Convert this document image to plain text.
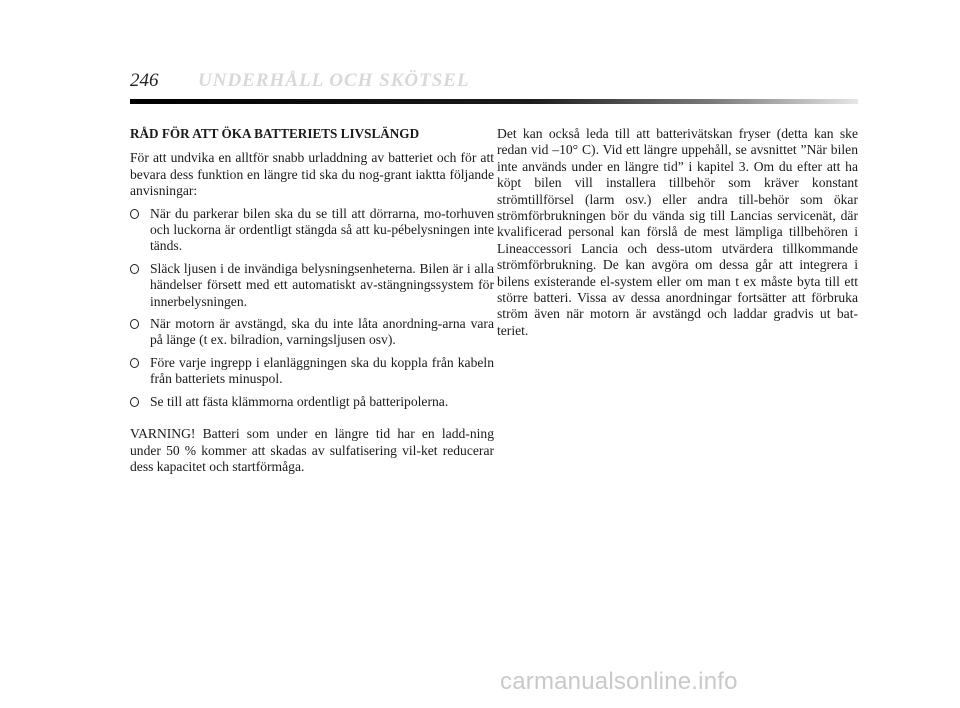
246 UNDERHÅLL OCH SKÖTSEL
RÅD FÖR ATT ÖKA BATTERIETS LIVSLÄNGD

För att undvika en alltför snabb urladdning av batteriet och för att bevara dess funktion en längre tid ska du nog-grant iaktta följande anvisningar:

När du parkerar bilen ska du se till att dörrarna, mo-torhuven och luckorna är ordentligt stängda så att ku-pébelysningen inte tänds.
Släck ljusen i de invändiga belysningsenheterna. Bilen är i alla händelser försett med ett automatiskt av-stängningssystem för innerbelysningen.
När motorn är avstängd, ska du inte låta anordning-arna vara på länge (t ex. bilradion, varningsljusen osv).
Före varje ingrepp i elanläggningen ska du koppla från kabeln från batteriets minuspol.
Se till att fästa klämmorna ordentligt på batteripolerna.

VARNING! Batteri som under en längre tid har en ladd-ning under 50 % kommer att skadas av sulfatisering vil-ket reducerar dess kapacitet och startförmåga.

Det kan också leda till att batterivätskan fryser (detta kan ske redan vid –10° C). Vid ett längre uppehåll, se avsnittet ”När bilen inte används under en längre tid” i kapitel 3. Om du efter att ha köpt bilen vill installera tillbehör som kräver konstant strömtillförsel (larm osv.) eller andra till-behör som ökar strömförbrukningen bör du vända sig till Lancias servicenät, där kvalificerad personal kan förslå de mest lämpliga tillbehören i Lineaccessori Lancia och dess-utom utvärdera tillkommande strömförbrukning. De kan avgöra om dessa går att integrera i bilens existerande el-system eller om man t ex måste byta till ett större batteri. Vissa av dessa anordningar fortsätter att förbruka ström även när motorn är avstängd och laddar gradvis ut bat-teriet.

carmanualsonline.info
